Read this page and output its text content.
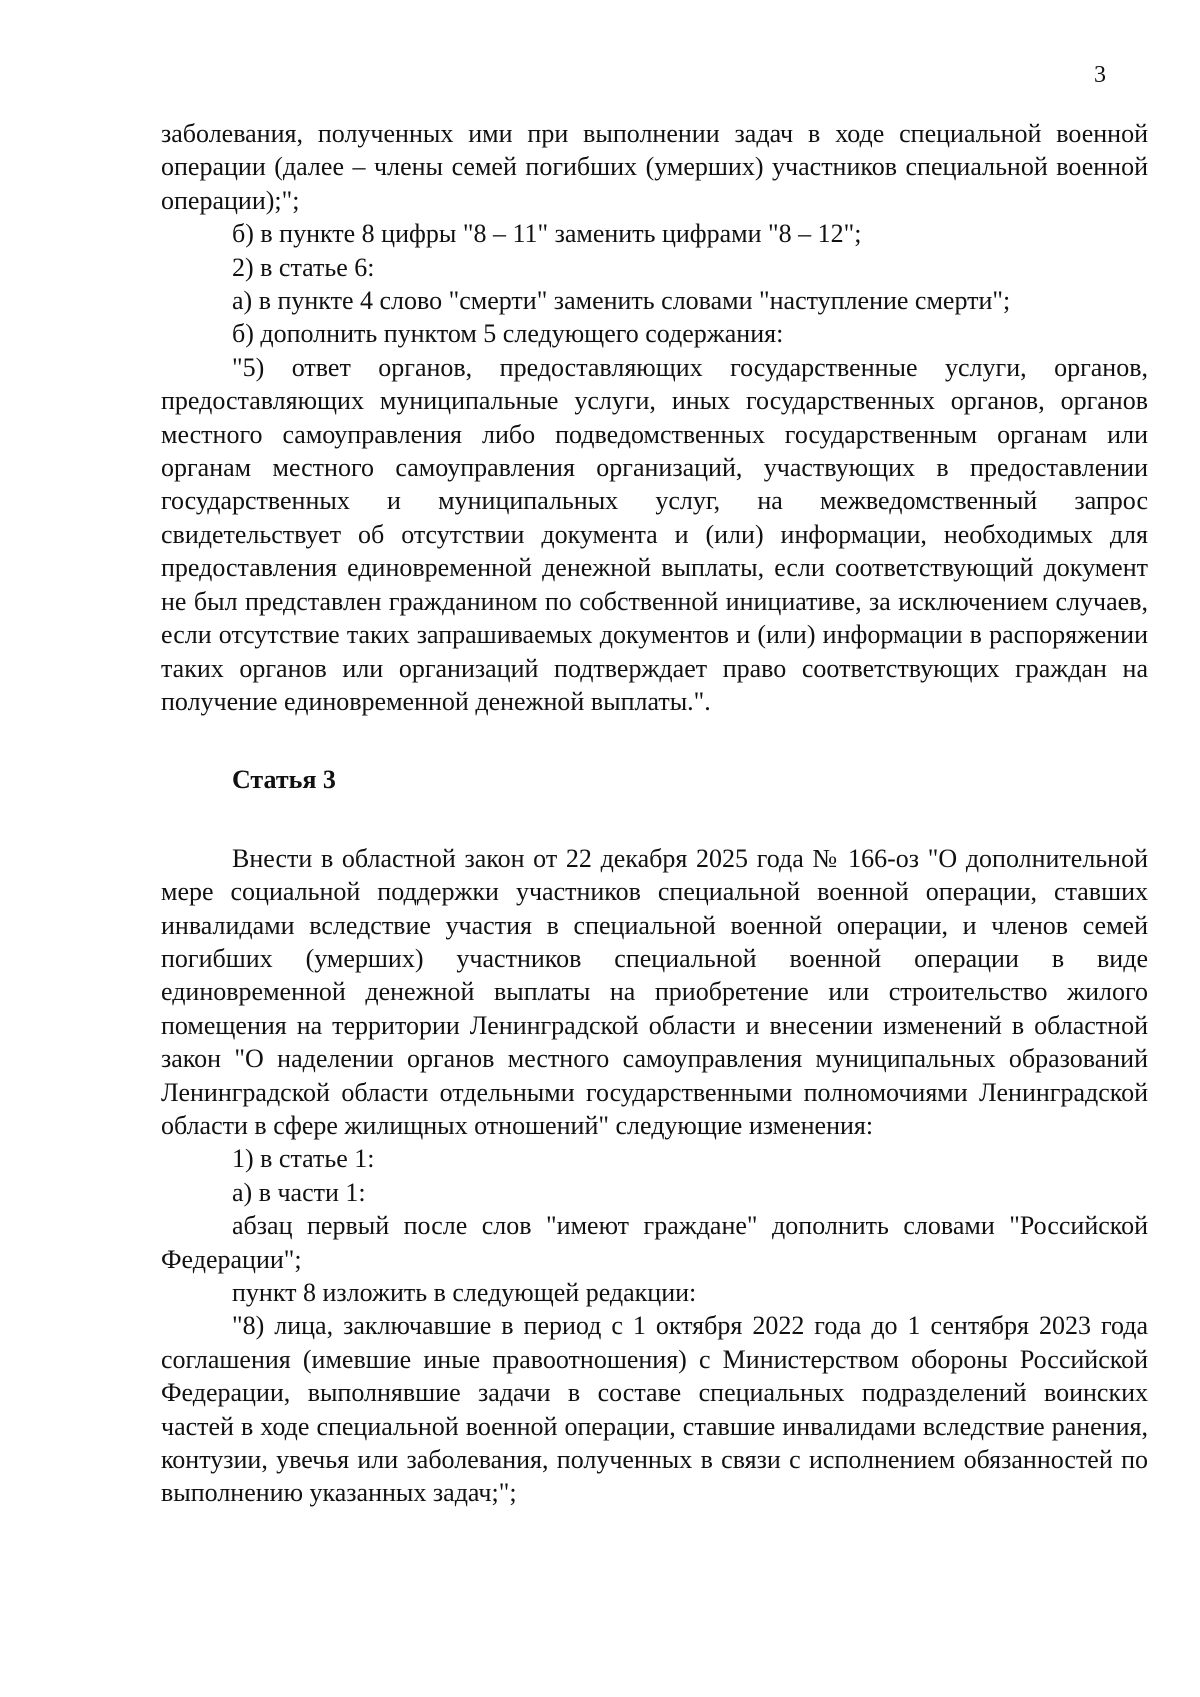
3

заболевания, полученных ими при выполнении задач в ходе специальной военной операции (далее – члены семей погибших (умерших) участников специальной военной операции);";

б) в пункте 8 цифры "8 – 11" заменить цифрами "8 – 12";

2) в статье 6:

а) в пункте 4 слово "смерти" заменить словами "наступление смерти";

б) дополнить пунктом 5 следующего содержания:

"5) ответ органов, предоставляющих государственные услуги, органов, предоставляющих муниципальные услуги, иных государственных органов, органов местного самоуправления либо подведомственных государственным органам или органам местного самоуправления организаций, участвующих в предоставлении государственных и муниципальных услуг, на межведомственный запрос свидетельствует об отсутствии документа и (или) информации, необходимых для предоставления единовременной денежной выплаты, если соответствующий документ не был представлен гражданином по собственной инициативе, за исключением случаев, если отсутствие таких запрашиваемых документов и (или) информации в распоряжении таких органов или организаций подтверждает право соответствующих граждан на получение единовременной денежной выплаты.".

Статья 3

Внести в областной закон от 22 декабря 2025 года № 166-оз "О дополнительной мере социальной поддержки участников специальной военной операции, ставших инвалидами вследствие участия в специальной военной операции, и членов семей погибших (умерших) участников специальной военной операции в виде единовременной денежной выплаты на приобретение или строительство жилого помещения на территории Ленинградской области и внесении изменений в областной закон "О наделении органов местного самоуправления муниципальных образований Ленинградской области отдельными государственными полномочиями Ленинградской области в сфере жилищных отношений" следующие изменения:

1) в статье 1:

а) в части 1:

абзац первый после слов "имеют граждане" дополнить словами "Российской Федерации";

пункт 8 изложить в следующей редакции:

"8) лица, заключавшие в период с 1 октября 2022 года до 1 сентября 2023 года соглашения (имевшие иные правоотношения) с Министерством обороны Российской Федерации, выполнявшие задачи в составе специальных подразделений воинских частей в ходе специальной военной операции, ставшие инвалидами вследствие ранения, контузии, увечья или заболевания, полученных в связи с исполнением обязанностей по выполнению указанных задач;";
